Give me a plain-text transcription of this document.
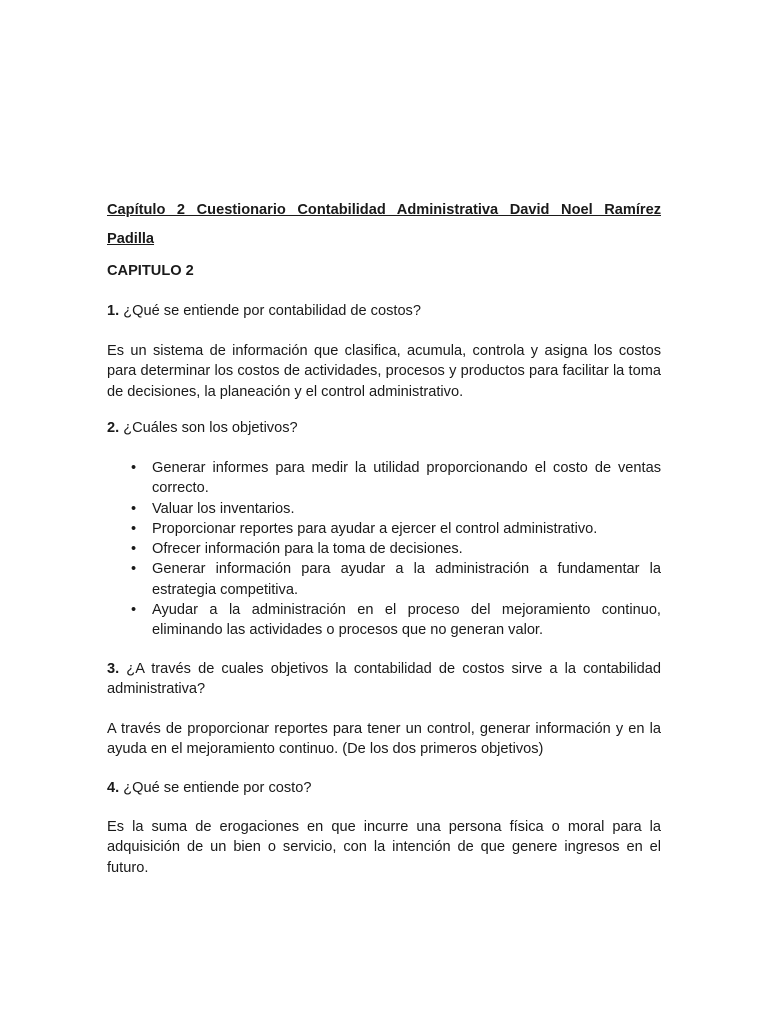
Capítulo 2 Cuestionario Contabilidad Administrativa David Noel Ramírez
Padilla
CAPITULO 2
1. ¿Qué se entiende por contabilidad de costos?
Es un sistema de información que clasifica, acumula, controla y asigna los costos para determinar los costos de actividades, procesos y productos para facilitar la toma de decisiones, la planeación y el control administrativo.
2. ¿Cuáles son los objetivos?
• Generar informes para medir la utilidad proporcionando el costo de ventas correcto.
• Valuar los inventarios.
• Proporcionar reportes para ayudar a ejercer el control administrativo.
• Ofrecer información para la toma de decisiones.
• Generar información para ayudar a la administración a fundamentar la estrategia competitiva.
• Ayudar a la administración en el proceso del mejoramiento continuo, eliminando las actividades o procesos que no generan valor.
3. ¿A través de cuales objetivos la contabilidad de costos sirve a la contabilidad administrativa?
A través de proporcionar reportes para tener un control, generar información y en la ayuda en el mejoramiento continuo. (De los dos primeros objetivos)
4. ¿Qué se entiende por costo?
Es la suma de erogaciones en que incurre una persona física o moral para la adquisición de un bien o servicio, con la intención de que genere ingresos en el futuro.
